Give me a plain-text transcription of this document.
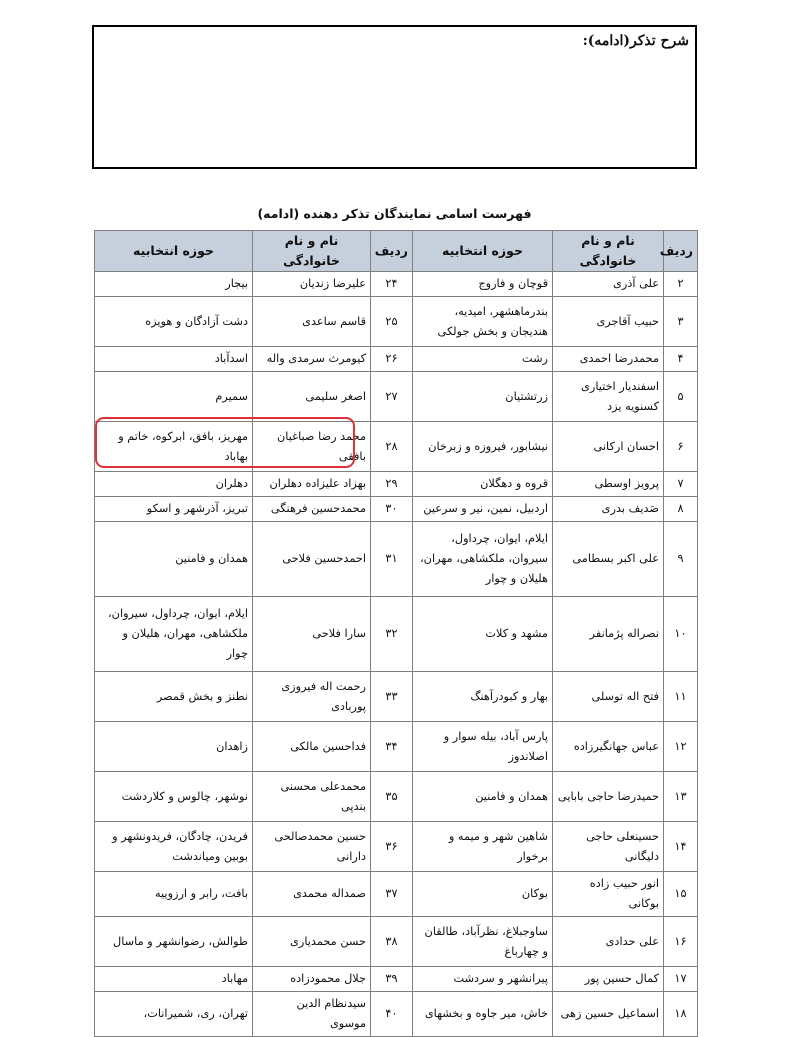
شرح تذکر(ادامه):
فهرست اسامی نمایندگان تذکر دهنده (ادامه)
ردیف	نام و نام خانوادگی	حوزه انتخابیه	ردیف	نام و نام خانوادگی	حوزه انتخابیه
۲	علی آذری	قوچان و فاروج	۲۴	علیرضا زندیان	بیجار
۳	حبیب آقاجری	بندرماهشهر، امیدیه، هندیجان و بخش جولکی	۲۵	قاسم ساعدی	دشت آزادگان و هویزه
۴	محمدرضا احمدی	رشت	۲۶	کیومرث سرمدی واله	اسدآباد
۵	اسفندیار اختیاری کسنویه یزد	زرتشتیان	۲۷	اصغر سلیمی	سمیرم
۶	احسان ارکانی	نیشابور، فیروزه و زبرخان	۲۸	محمد رضا صباغیان بافقی	مهریز، بافق، ابرکوه، خاتم و بهاباد
۷	پرویز اوسطی	قروه و دهگلان	۲۹	بهزاد علیزاده دهلران	دهلران
۸	صَدیف بدری	اردبیل، نمین، نیر و سرعین	۳۰	محمدحسین فرهنگی	تبریز، آذرشهر و اسکو
۹	علی اکبر بسطامی	ایلام، ایوان، چرداول، سیروان، ملکشاهی، مهران، هلیلان و چوار	۳۱	احمدحسین فلاحی	همدان و فامنین
۱۰	نصراله پژمانفر	مشهد و کلات	۳۲	سارا فلاحی	ایلام، ایوان، چرداول، سیروان، ملکشاهی، مهران، هلیلان و چوار
۱۱	فتح اله توسلی	بهار و کبودرآهنگ	۳۳	رحمت اله فیروزی پوربادی	نطنز و بخش قمصر
۱۲	عباس جهانگیرزاده	پارس آباد، بیله سوار و اصلاندوز	۳۴	فداحسین مالکی	زاهدان
۱۳	حمیدرضا حاجی بابایی	همدان و فامنین	۳۵	محمدعلی محسنی بندپی	نوشهر، چالوس و کلاردشت
۱۴	حسینعلی حاجی دلیگانی	شاهین شهر و میمه و برخوار	۳۶	حسین محمدصالحی دارانی	فریدن، چادگان، فریدونشهر و بوبین ومیاندشت
۱۵	انور حبیب زاده بوکانی	بوکان	۳۷	صمداله محمدی	بافت، رابر و ارزوییه
۱۶	علی حدادی	ساوجبلاغ، نظرآباد، طالقان و چهارباغ	۳۸	حسن محمدیاری	طوالش، رضوانشهر و ماسال
۱۷	کمال حسین پور	پیرانشهر و سردشت	۳۹	جلال محمودزاده	مهاباد
۱۸	اسماعیل حسین زهی	خاش، میر جاوه و بخشهای	۴۰	سیدنظام الدین موسوی	تهران، ری، شمیرانات،
